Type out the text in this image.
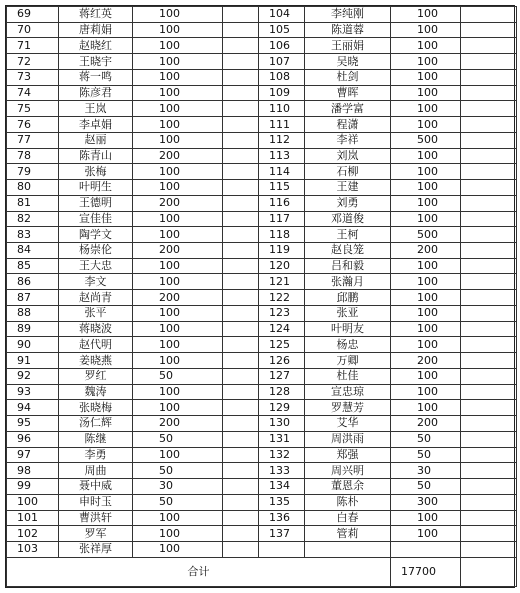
69	蒋红英	100		104	李纯刚	100	
70	唐莉娟	100		105	陈道蓉	100	
71	赵晓红	100		106	王丽娟	100	
72	王晓宇	100		107	吴晓	100	
73	蒋一鸣	100		108	杜剑	100	
74	陈彦君	100		109	曹晖	100	
75	王岚	100		110	潘学富	100	
76	李卓娟	100		111	程潇	100	
77	赵丽	100		112	李祥	500	
78	陈青山	200		113	刘岚	100	
79	张梅	100		114	石柳	100	
80	叶明生	100		115	王建	100	
81	王德明	200		116	刘勇	100	
82	宣佳佳	100		117	邓道俊	100	
83	陶学文	100		118	王柯	500	
84	杨崇伦	200		119	赵良笼	200	
85	王大忠	100		120	吕和毅	100	
86	李文	100		121	张瀚月	100	
87	赵尚青	200		122	邱鹏	100	
88	张平	100		123	张亚	100	
89	蒋晓波	100		124	叶明友	100	
90	赵代明	100		125	杨忠	100	
91	姜晓燕	100		126	万卿	200	
92	罗红	50		127	杜佳	100	
93	魏涛	100		128	宣忠琼	100	
94	张晓梅	100		129	罗慧芳	100	
95	汤仁辉	200		130	艾华	200	
96	陈继	50		131	周洪雨	50	
97	李勇	100		132	郑强	50	
98	周曲	50		133	周兴明	30	
99	聂中威	30		134	董恩余	50	
100	申时玉	50		135	陈朴	300	
101	曹洪轩	100		136	白春	100	
102	罗军	100		137	管莉	100	
103	张祥厚	100					
合计						17700	
